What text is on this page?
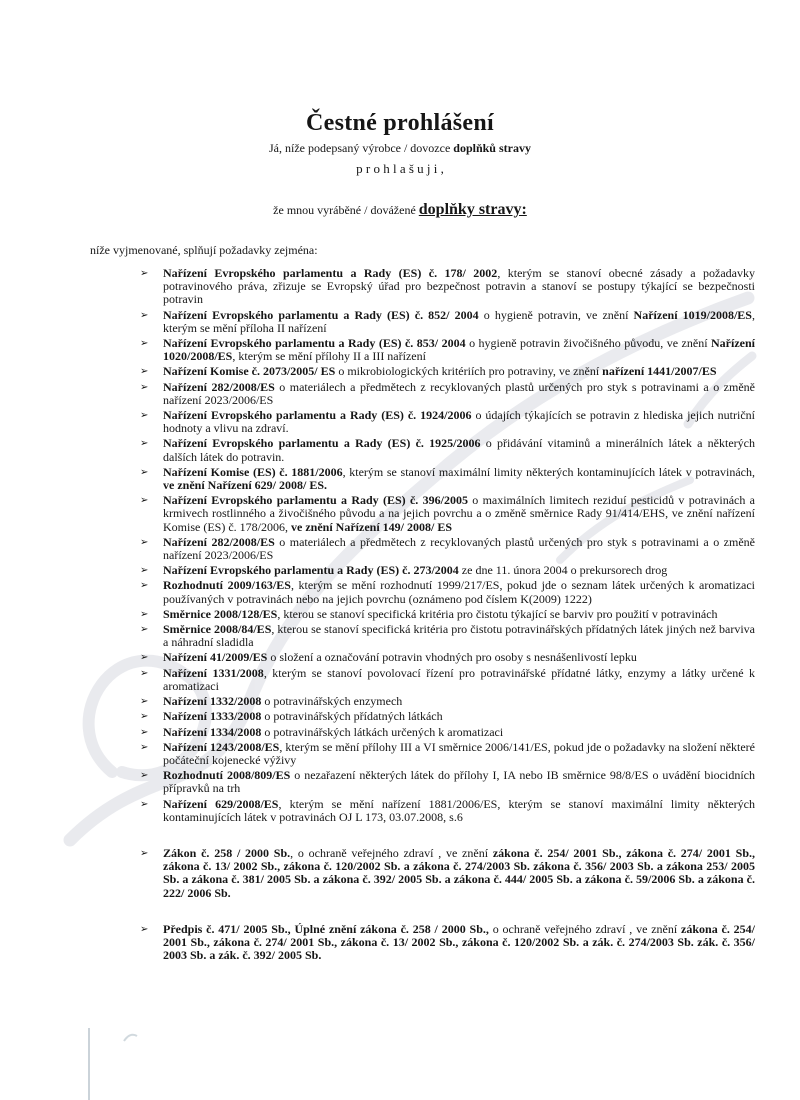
Čestné prohlášení

Já, níže podepsaný výrobce / dovozce doplňků stravy

p r o h l a š u j i ,

že mnou vyráběné / dovážené doplňky stravy:

níže vyjmenované, splňují požadavky zejména:

➢	Nařízení Evropského parlamentu a Rady (ES) č. 178/ 2002, kterým se stanoví obecné zásady a požadavky potravinového práva, zřizuje se Evropský úřad pro bezpečnost potravin a stanoví se postupy týkající se bezpečnosti potravin
➢	Nařízení Evropského parlamentu a Rady (ES) č. 852/ 2004 o hygieně potravin, ve znění Nařízení 1019/2008/ES, kterým se mění příloha II nařízení
➢	Nařízení Evropského parlamentu a Rady (ES) č. 853/ 2004 o hygieně potravin živočišného původu, ve znění Nařízení 1020/2008/ES, kterým se mění přílohy II a III nařízení
➢	Nařízení Komise č. 2073/2005/ ES o mikrobiologických kritériích pro potraviny, ve znění nařízení 1441/2007/ES
➢	Nařízení 282/2008/ES o materiálech a předmětech z recyklovaných plastů určených pro styk s potravinami a o změně nařízení 2023/2006/ES
➢	Nařízení Evropského parlamentu a Rady (ES) č. 1924/2006 o údajích týkajících se potravin z hlediska jejich nutriční hodnoty a vlivu na zdraví.
➢	Nařízení Evropského parlamentu a Rady (ES) č. 1925/2006 o přidávání vitaminů a minerálních látek a některých dalších látek do potravin.
➢	Nařízení Komise (ES) č. 1881/2006, kterým se stanoví maximální limity některých kontaminujících látek v potravinách, ve znění Nařízení 629/ 2008/ ES.
➢	Nařízení Evropského parlamentu a Rady (ES) č. 396/2005 o maximálních limitech reziduí pesticidů v potravinách a krmivech rostlinného a živočišného původu a na jejich povrchu a o změně směrnice Rady 91/414/EHS, ve znění nařízení Komise (ES) č. 178/2006, ve znění Nařízení 149/ 2008/ ES
➢	Nařízení 282/2008/ES o materiálech a předmětech z recyklovaných plastů určených pro styk s potravinami a o změně nařízení 2023/2006/ES
➢	Nařízení Evropského parlamentu a Rady (ES) č. 273/2004 ze dne 11. února 2004 o prekursorech drog
➢	Rozhodnutí 2009/163/ES, kterým se mění rozhodnutí 1999/217/ES, pokud jde o seznam látek určených k aromatizaci používaných v potravinách nebo na jejich povrchu (oznámeno pod číslem K(2009) 1222)
➢	Směrnice 2008/128/ES, kterou se stanoví specifická kritéria pro čistotu týkající se barviv pro použití v potravinách
➢	Směrnice 2008/84/ES, kterou se stanoví specifická kritéria pro čistotu potravinářských přídatných látek jiných než barviva a náhradní sladidla
➢	Nařízení 41/2009/ES o složení a označování potravin vhodných pro osoby s nesnášenlivostí lepku
➢	Nařízení 1331/2008, kterým se stanoví povolovací řízení pro potravinářské přídatné látky, enzymy a látky určené k aromatizaci
➢	Nařízení 1332/2008 o potravinářských enzymech
➢	Nařízení 1333/2008 o potravinářských přídatných látkách
➢	Nařízení 1334/2008 o potravinářských látkách určených k aromatizaci
➢	Nařízení 1243/2008/ES, kterým se mění přílohy III a VI směrnice 2006/141/ES, pokud jde o požadavky na složení některé počáteční kojenecké výživy
➢	Rozhodnutí 2008/809/ES o nezařazení některých látek do přílohy I, IA nebo IB směrnice 98/8/ES o uvádění biocidních přípravků na trh
➢	Nařízení 629/2008/ES, kterým se mění nařízení 1881/2006/ES, kterým se stanoví maximální limity některých kontaminujících látek v potravinách OJ L 173, 03.07.2008, s.6
➢	Zákon č. 258 / 2000 Sb., o ochraně veřejného zdraví , ve znění zákona č. 254/ 2001 Sb., zákona č. 274/ 2001 Sb., zákona č. 13/ 2002 Sb., zákona č. 120/2002 Sb. a zákona č. 274/2003 Sb. zákona č. 356/ 2003 Sb. a zákona 253/ 2005 Sb. a zákona č. 381/ 2005 Sb. a zákona č. 392/ 2005 Sb. a zákona č. 444/ 2005 Sb. a zákona č. 59/2006 Sb. a zákona č. 222/ 2006 Sb.
➢	Předpis č. 471/ 2005 Sb., Úplné znění zákona č. 258 / 2000 Sb., o ochraně veřejného zdraví , ve znění zákona č. 254/ 2001 Sb., zákona č. 274/ 2001 Sb., zákona č. 13/ 2002 Sb., zákona č. 120/2002 Sb. a zák. č. 274/2003 Sb. zák. č. 356/ 2003 Sb. a zák. č. 392/ 2005 Sb.
